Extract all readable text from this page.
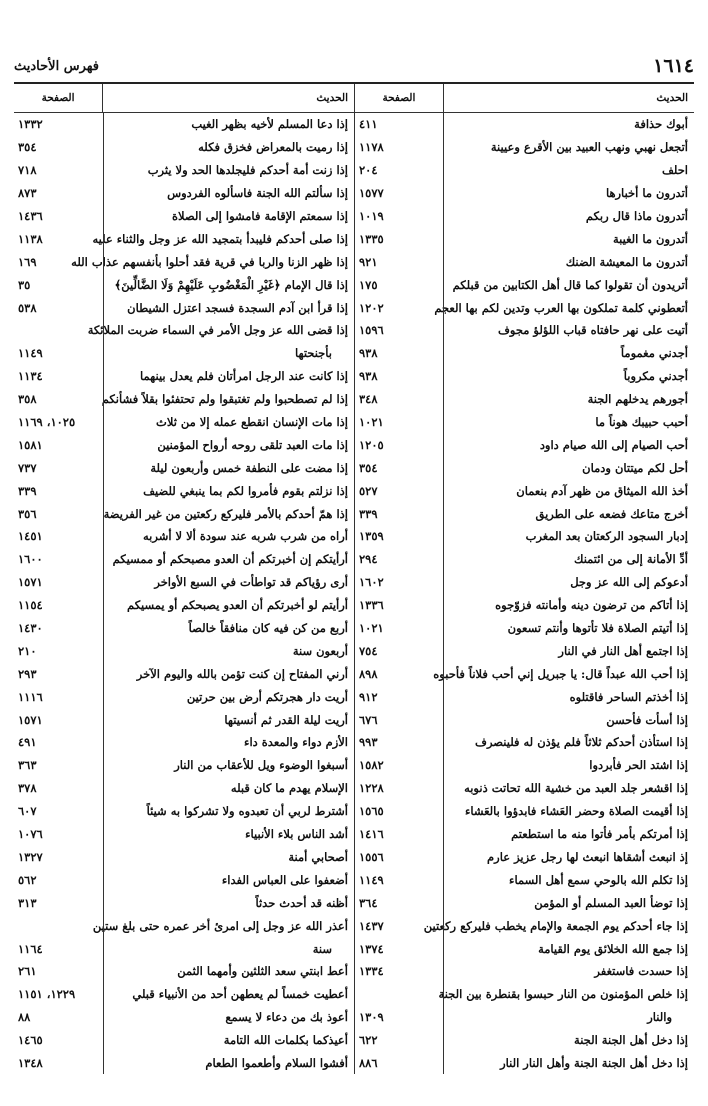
فهرس الأحاديث	١٦١٤
الحديث
الصفحة
أبوك حذافة
٤١١
أتجعل نهبي ونهب العبيد بين الأقرع وعيينة
١١٧٨
احلف
٢٠٤
أتدرون ما أخبارها
١٥٧٧
أتدرون ماذا قال ربكم
١٠١٩
أتدرون ما الغيبة
١٣٣٥
أتدرون ما المعيشة الضنك
٩٢١
أتريدون أن تقولوا كما قال أهل الكتابين من قبلكم
١٧٥
أتعطوني كلمة تملكون بها العرب وتدين لكم بها العجم
١٢٠٢
أتيت على نهر حافتاه قباب اللؤلؤ مجوف
١٥٩٦
أجدني مغموماً
٩٣٨
أجدني مكروباً
٩٣٨
أجورهم يدخلهم الجنة
٣٤٨
أحبب حبيبك هوناً ما
١٠٢١
أحب الصيام إلى الله صيام داود
١٢٠٥
أحل لكم ميتتان ودمان
٣٥٤
أخذ الله الميثاق من ظهر آدم بنعمان
٥٢٧
أخرج متاعك فضعه على الطريق
٣٣٩
إدبار السجود الركعتان بعد المغرب
١٣٥٩
أدِّ الأمانة إلى من ائتمنك
٢٩٤
أدعوكم إلى الله عز وجل
١٦٠٢
إذا أتاكم من ترضون دينه وأمانته فزوّجوه
١٣٣٦
إذا أتيتم الصلاة فلا تأتوها وأنتم تسعون
١٠٢١
إذا اجتمع أهل النار في النار
٧٥٤
إذا أحب الله عبداً قال: يا جبريل إني أحب فلاناً فأحبوه
٨٩٨
إذا أخذتم الساحر فاقتلوه
٩١٢
إذا أسأت فأحسن
٦٧٦
إذا استأذن أحدكم ثلاثاً فلم يؤذن له فلينصرف
٩٩٣
إذا اشتد الحر فأبردوا
١٥٨٢
إذا اقشعر جلد العبد من خشية الله تحاتت ذنوبه
١٢٢٨
إذا أقيمت الصلاة وحضر العَشاء فابدؤوا بالعَشاء
١٥٦٥
إذا أمرتكم بأمر فأتوا منه ما استطعتم
١٤١٦
إذ انبعث أشقاها انبعث لها رجل عزيز عارم
١٥٥٦
إذا تكلم الله بالوحي سمع أهل السماء
١١٤٩
إذا توضأ العبد المسلم أو المؤمن
٣٦٤
إذا جاء أحدكم يوم الجمعة والإمام يخطب فليركع ركعتين
١٤٣٧
إذا جمع الله الخلائق يوم القيامة
١٣٧٤
إذا حسدت فاستغفر
١٣٣٤
إذا خلص المؤمنون من النار حبسوا بقنطرة بين الجنة
والنار
١٣٠٩
إذا دخل أهل الجنة الجنة
٦٢٢
إذا دخل أهل الجنة الجنة وأهل النار النار
٨٨٦
الحديث
الصفحة
إذا دعا المسلم لأخيه بظهر الغيب
١٣٣٢
إذا رميت بالمعراض فخزق فكله
٣٥٤
إذا زنت أمة أحدكم فليجلدها الحد ولا يثرب
٧١٨
إذا سألتم الله الجنة فاسألوه الفردوس
٨٧٣
إذا سمعتم الإقامة فامشوا إلى الصلاة
١٤٣٦
إذا صلى أحدكم فليبدأ بتمجيد الله عز وجل والثناء عليه
١١٣٨
إذا ظهر الزنا والربا في قرية فقد أحلوا بأنفسهم عذاب الله
١٦٩
إذا قال الإمام ﴿غَيْرِ الْمَغْضُوبِ عَلَيْهِمْ وَلَا الضَّالِّينَ﴾
٣٥
إذا قرأ ابن آدم السجدة فسجد اعتزل الشيطان
٥٣٨
إذا قضى الله عز وجل الأمر في السماء ضربت الملائكة
بأجنحتها
١١٤٩
إذا كانت عند الرجل امرأتان فلم يعدل بينهما
١١٣٤
إذا لم تصطحبوا ولم تغتبقوا ولم تحتفئوا بقلاً فشأنكم
٣٥٨
إذا مات الإنسان انقطع عمله إلا من ثلاث
١٠٢٥، ١١٦٩
إذا مات العبد تلقى روحه أرواح المؤمنين
١٥٨١
إذا مضت على النطفة خمس وأربعون ليلة
٧٣٧
إذا نزلتم بقوم فأمروا لكم بما ينبغي للضيف
٣٣٩
إذا همّ أحدكم بالأمر فليركع ركعتين من غير الفريضة
٣٥٦
أراه من شرب شربه عند سودة ألا لا أشربه
١٤٥١
أرأيتكم إن أخبرتكم أن العدو مصبحكم أو ممسيكم
١٦٠٠
أرى رؤياكم قد تواطأت في السبع الأواخر
١٥٧١
أرأيتم لو أخبرتكم أن العدو يصبحكم أو يمسيكم
١١٥٤
أربع من كن فيه كان منافقاً خالصاً
١٤٣٠
أربعون سنة
٢١٠
أرني المفتاح إن كنت تؤمن بالله واليوم الآخر
٢٩٣
أريت دار هجرتكم أرض بين حرتين
١١١٦
أريت ليلة القدر ثم أنسيتها
١٥٧١
الأزم دواء والمعدة داء
٤٩١
أسبغوا الوضوء ويل للأعقاب من النار
٣٦٣
الإسلام يهدم ما كان قبله
٣٧٨
أشترط لربي أن تعبدوه ولا تشركوا به شيئاً
٦٠٧
أشد الناس بلاء الأنبياء
١٠٧٦
أصحابي أمنة
١٣٢٧
أضعفوا على العباس الفداء
٥٦٢
أظنه قد أحدث حدثاً
٣١٣
أعذر الله عز وجل إلى امرئ أخر عمره حتى بلغ ستين
سنة
١١٦٤
أعط ابنتي سعد الثلثين وأمهما الثمن
٢٦١
أعطيت خمساً لم يعطهن أحد من الأنبياء قبلي
١٢٢٩، ١١٥١
أعوذ بك من دعاء لا يسمع
٨٨
أعيذكما بكلمات الله التامة
١٤٦٥
أفشوا السلام وأطعموا الطعام
١٣٤٨
